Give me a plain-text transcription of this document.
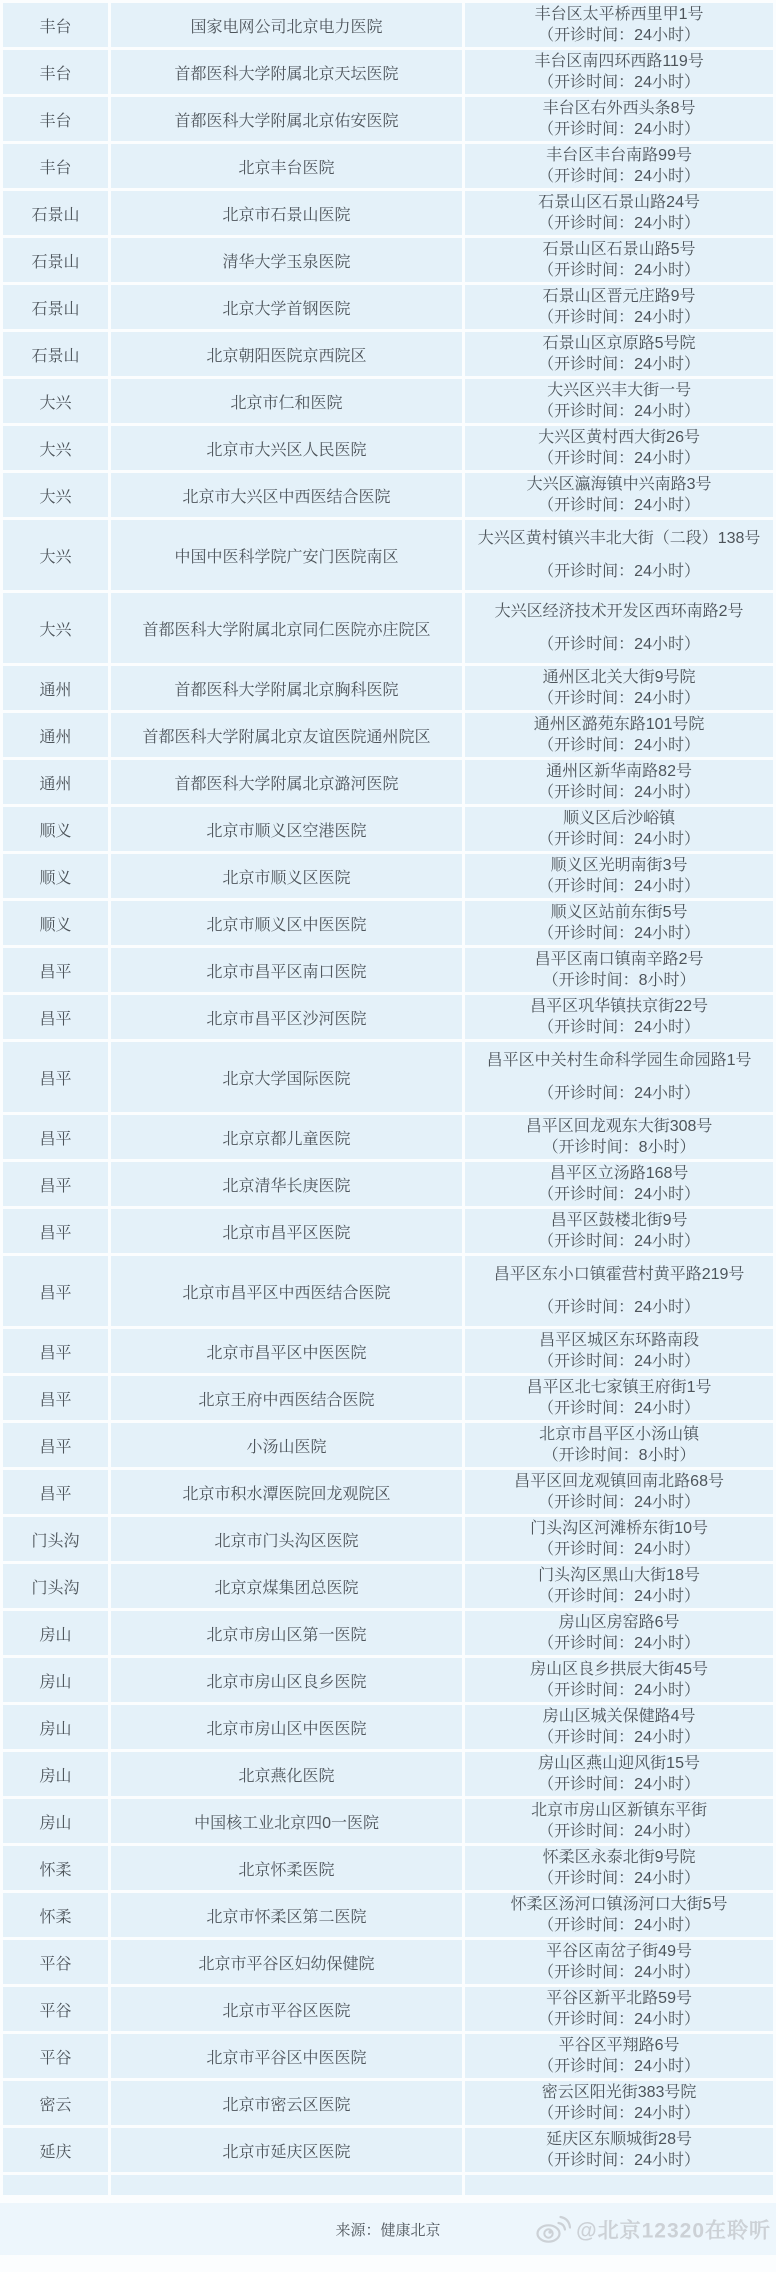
丰台	国家电网公司北京电力医院	丰台区太平桥西里甲1号
（开诊时间：24小时）

丰台	首都医科大学附属北京天坛医院	丰台区南四环西路119号
（开诊时间：24小时）

丰台	首都医科大学附属北京佑安医院	丰台区右外西头条8号
（开诊时间：24小时）

丰台	北京丰台医院	丰台区丰台南路99号
（开诊时间：24小时）

石景山	北京市石景山医院	石景山区石景山路24号
（开诊时间：24小时）

石景山	清华大学玉泉医院	石景山区石景山路5号
（开诊时间：24小时）

石景山	北京大学首钢医院	石景山区晋元庄路9号
（开诊时间：24小时）

石景山	北京朝阳医院京西院区	石景山区京原路5号院
（开诊时间：24小时）

大兴	北京市仁和医院	大兴区兴丰大街一号
（开诊时间：24小时）

大兴	北京市大兴区人民医院	大兴区黄村西大街26号
（开诊时间：24小时）

大兴	北京市大兴区中西医结合医院	大兴区瀛海镇中兴南路3号
（开诊时间：24小时）

大兴	中国中医科学院广安门医院南区	大兴区黄村镇兴丰北大街（二段）138号
（开诊时间：24小时）

大兴	首都医科大学附属北京同仁医院亦庄院区	大兴区经济技术开发区西环南路2号
（开诊时间：24小时）

通州	首都医科大学附属北京胸科医院	通州区北关大街9号院
（开诊时间：24小时）

通州	首都医科大学附属北京友谊医院通州院区	通州区潞苑东路101号院
（开诊时间：24小时）

通州	首都医科大学附属北京潞河医院	通州区新华南路82号
（开诊时间：24小时）

顺义	北京市顺义区空港医院	顺义区后沙峪镇
（开诊时间：24小时）

顺义	北京市顺义区医院	顺义区光明南街3号
（开诊时间：24小时）

顺义	北京市顺义区中医医院	顺义区站前东街5号
（开诊时间：24小时）

昌平	北京市昌平区南口医院	昌平区南口镇南辛路2号
（开诊时间：8小时）

昌平	北京市昌平区沙河医院	昌平区巩华镇扶京街22号
（开诊时间：24小时）

昌平	北京大学国际医院	昌平区中关村生命科学园生命园路1号
（开诊时间：24小时）

昌平	北京京都儿童医院	昌平区回龙观东大街308号
（开诊时间：8小时）

昌平	北京清华长庚医院	昌平区立汤路168号
（开诊时间：24小时）

昌平	北京市昌平区医院	昌平区鼓楼北街9号
（开诊时间：24小时）

昌平	北京市昌平区中西医结合医院	昌平区东小口镇霍营村黄平路219号
（开诊时间：24小时）

昌平	北京市昌平区中医医院	昌平区城区东环路南段
（开诊时间：24小时）

昌平	北京王府中西医结合医院	昌平区北七家镇王府街1号
（开诊时间：24小时）

昌平	小汤山医院	北京市昌平区小汤山镇
（开诊时间：8小时）

昌平	北京市积水潭医院回龙观院区	昌平区回龙观镇回南北路68号
（开诊时间：24小时）

门头沟	北京市门头沟区医院	门头沟区河滩桥东街10号
（开诊时间：24小时）

门头沟	北京京煤集团总医院	门头沟区黑山大街18号
（开诊时间：24小时）

房山	北京市房山区第一医院	房山区房窑路6号
（开诊时间：24小时）

房山	北京市房山区良乡医院	房山区良乡拱辰大街45号
（开诊时间：24小时）

房山	北京市房山区中医医院	房山区城关保健路4号
（开诊时间：24小时）

房山	北京燕化医院	房山区燕山迎风街15号
（开诊时间：24小时）

房山	中国核工业北京四0一医院	北京市房山区新镇东平街
（开诊时间：24小时）

怀柔	北京怀柔医院	怀柔区永泰北街9号院
（开诊时间：24小时）

怀柔	北京市怀柔区第二医院	怀柔区汤河口镇汤河口大街5号
（开诊时间：24小时）

平谷	北京市平谷区妇幼保健院	平谷区南岔子街49号
（开诊时间：24小时）

平谷	北京市平谷区医院	平谷区新平北路59号
（开诊时间：24小时）

平谷	北京市平谷区中医医院	平谷区平翔路6号
（开诊时间：24小时）

密云	北京市密云区医院	密云区阳光街383号院
（开诊时间：24小时）

延庆	北京市延庆区医院	延庆区东顺城街28号
（开诊时间：24小时）

来源：健康北京	@北京12320在聆听
